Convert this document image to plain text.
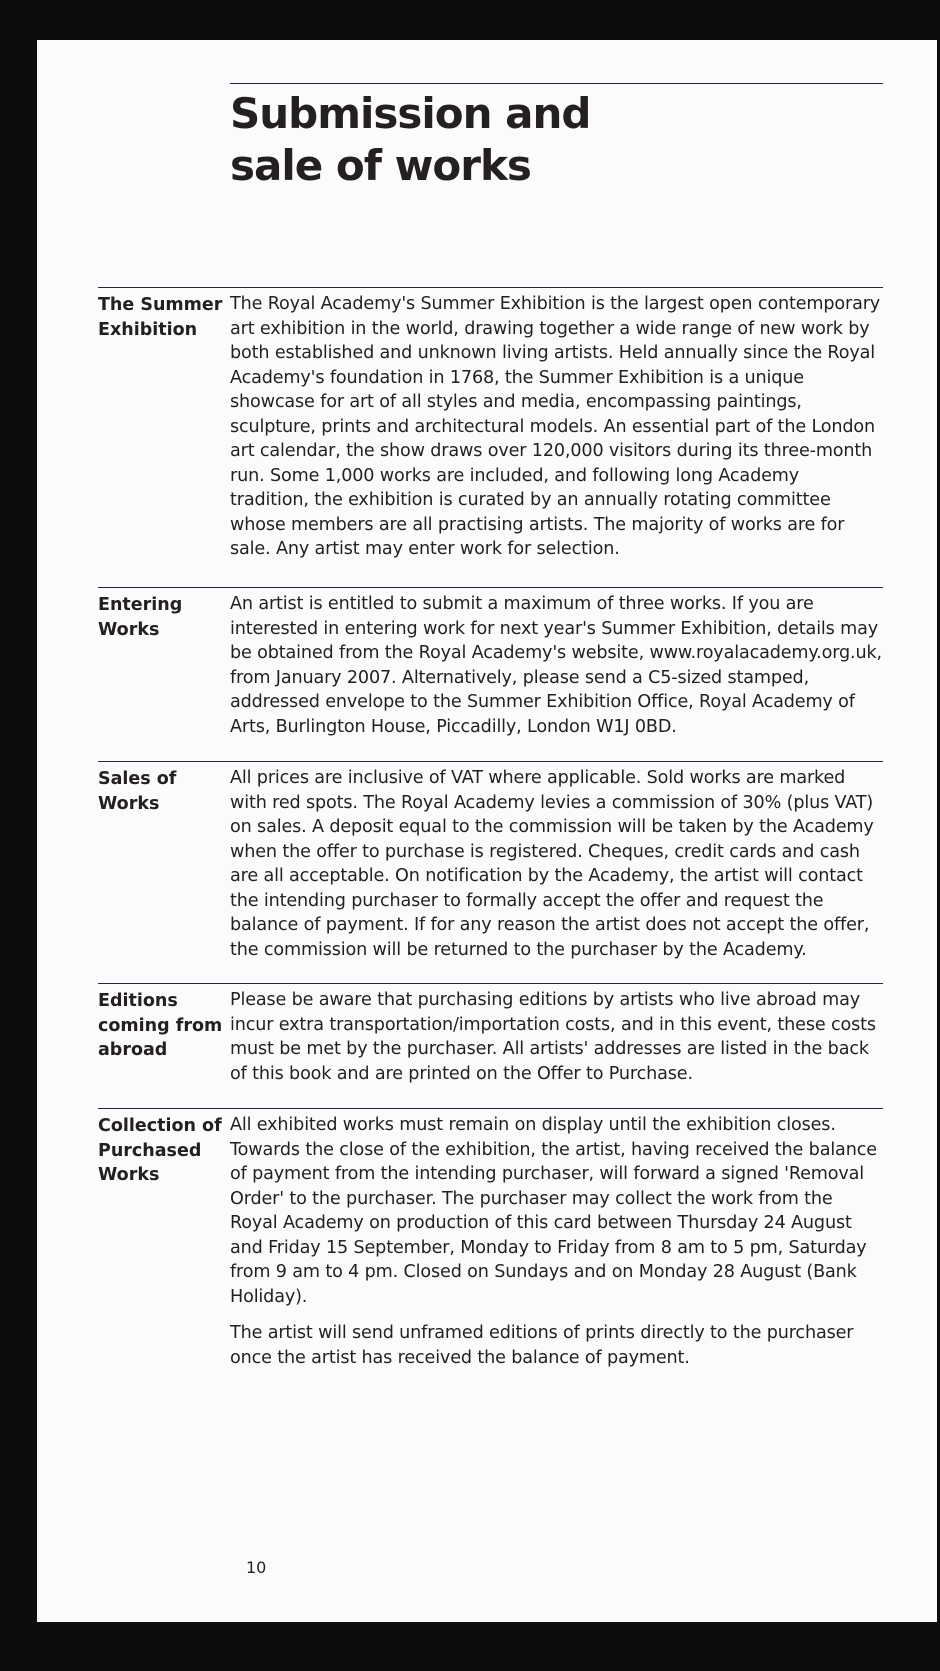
Submission and
sale of works
The Summer Exhibition

The Royal Academy's Summer Exhibition is the largest open contemporary art exhibition in the world, drawing together a wide range of new work by both established and unknown living artists. Held annually since the Royal Academy's foundation in 1768, the Summer Exhibition is a unique showcase for art of all styles and media, encompassing paintings, sculpture, prints and architectural models. An essential part of the London art calendar, the show draws over 120,000 visitors during its three-month run. Some 1,000 works are included, and following long Academy tradition, the exhibition is curated by an annually rotating committee whose members are all practising artists. The majority of works are for sale. Any artist may enter work for selection.

Entering Works

An artist is entitled to submit a maximum of three works. If you are interested in entering work for next year's Summer Exhibition, details may be obtained from the Royal Academy's website, www.royalacademy.org.uk, from January 2007. Alternatively, please send a C5-sized stamped, addressed envelope to the Summer Exhibition Office, Royal Academy of Arts, Burlington House, Piccadilly, London W1J 0BD.

Sales of Works

All prices are inclusive of VAT where applicable. Sold works are marked with red spots. The Royal Academy levies a commission of 30% (plus VAT) on sales. A deposit equal to the commission will be taken by the Academy when the offer to purchase is registered. Cheques, credit cards and cash are all acceptable. On notification by the Academy, the artist will contact the intending purchaser to formally accept the offer and request the balance of payment. If for any reason the artist does not accept the offer, the commission will be returned to the purchaser by the Academy.

Editions coming from abroad

Please be aware that purchasing editions by artists who live abroad may incur extra transportation/importation costs, and in this event, these costs must be met by the purchaser. All artists' addresses are listed in the back of this book and are printed on the Offer to Purchase.

Collection of Purchased Works

All exhibited works must remain on display until the exhibition closes. Towards the close of the exhibition, the artist, having received the balance of payment from the intending purchaser, will forward a signed 'Removal Order' to the purchaser. The purchaser may collect the work from the Royal Academy on production of this card between Thursday 24 August and Friday 15 September, Monday to Friday from 8 am to 5 pm, Saturday from 9 am to 4 pm. Closed on Sundays and on Monday 28 August (Bank Holiday).

The artist will send unframed editions of prints directly to the purchaser once the artist has received the balance of payment.

10
